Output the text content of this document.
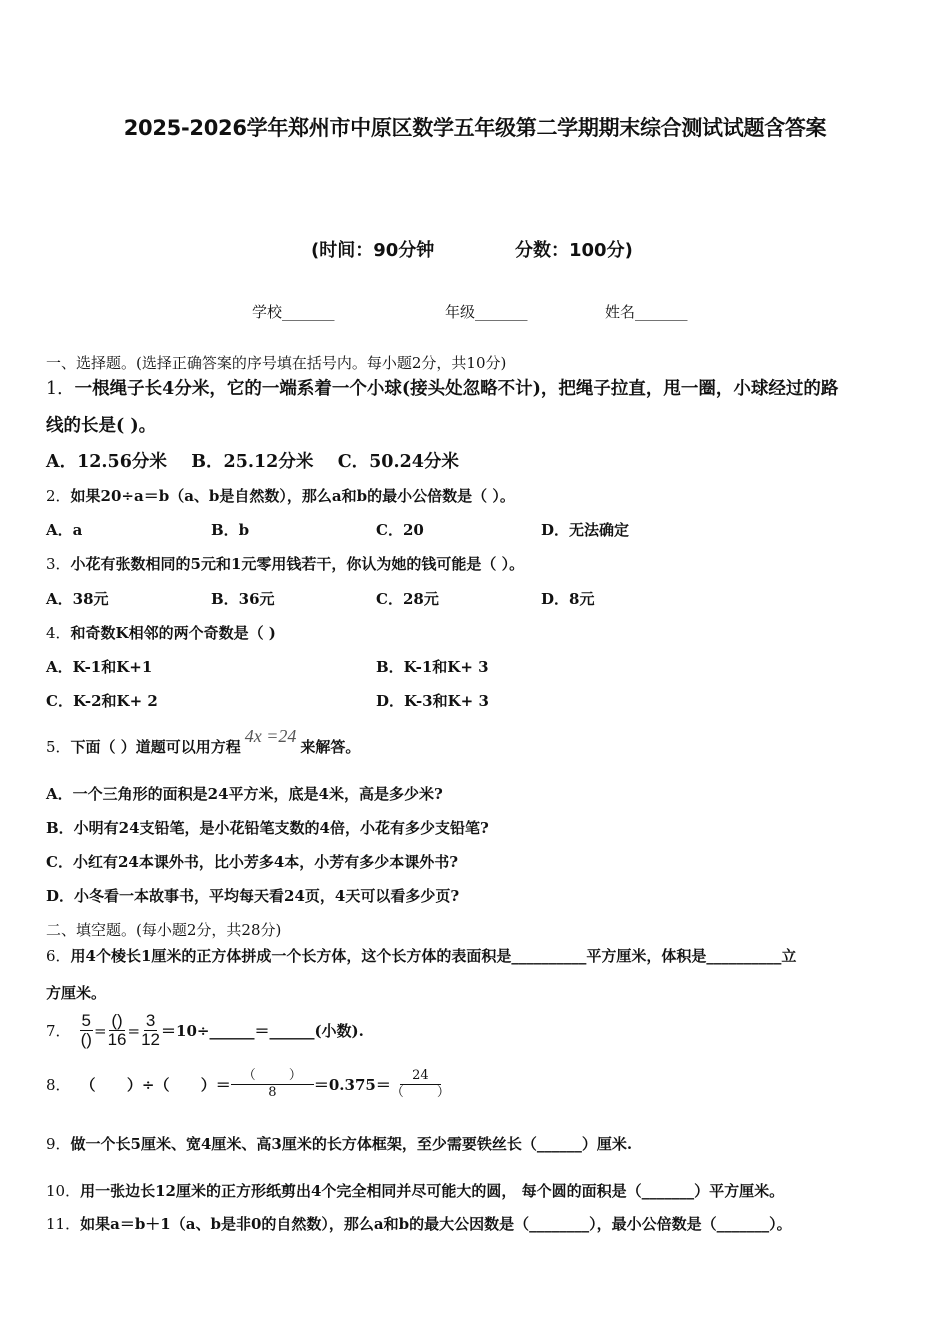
2025-2026学年郑州市中原区数学五年级第二学期期末综合测试试题含答案
(时间：90分钟	分数：100分)
学校_______	年级_______	姓名_______
一、选择题。(选择正确答案的序号填在括号内。每小题2分，共10分)
1．一根绳子长4分米，它的一端系着一个小球(接头处忽略不计)，把绳子拉直，甩一圈，小球经过的路
线的长是( )。
A．12.56分米    B．25.12分米    C．50.24分米
2．如果20÷a＝b（a、b是自然数），那么a和b的最小公倍数是（ ）。
A．a	B．b	C．20	D．无法确定
3．小花有张数相同的5元和1元零用钱若干，你认为她的钱可能是（ ）。
A．38元	B．36元	C．28元	D．8元
4．和奇数K相邻的两个奇数是（ )
A．K-1和K+1	B．K-1和K+ 3
C．K-2和K+ 2	D．K-3和K+ 3
5．下面（ ）道题可以用方程4x =24来解答。
A．一个三角形的面积是24平方米，底是4米，高是多少米?
B．小明有24支铅笔，是小花铅笔支数的4倍，小花有多少支铅笔?
C．小红有24本课外书，比小芳多4本，小芳有多少本课外书?
D．小冬看一本故事书，平均每天看24页，4天可以看多少页?
二、填空题。(每小题2分，共28分)
6．用4个棱长1厘米的正方体拼成一个长方体，这个长方体的表面积是__________平方厘米，体积是__________立
方厘米。
7． $\frac{5}{()} = \frac{()}{16} = \frac{3}{12}$ ＝10÷______＝______(小数).
8． （      ）÷（      ）＝
（        ）
8 ＝0.375＝
24
（        ）
9．做一个长5厘米、宽4厘米、高3厘米的长方体框架，至少需要铁丝长（______）厘米.
10．用一张边长12厘米的正方形纸剪出4个完全相同并尽可能大的圆， 每个圆的面积是（_______）平方厘米。
11．如果a＝b＋1（a、b是非0的自然数），那么a和b的最大公因数是（________），最小公倍数是（_______）。
